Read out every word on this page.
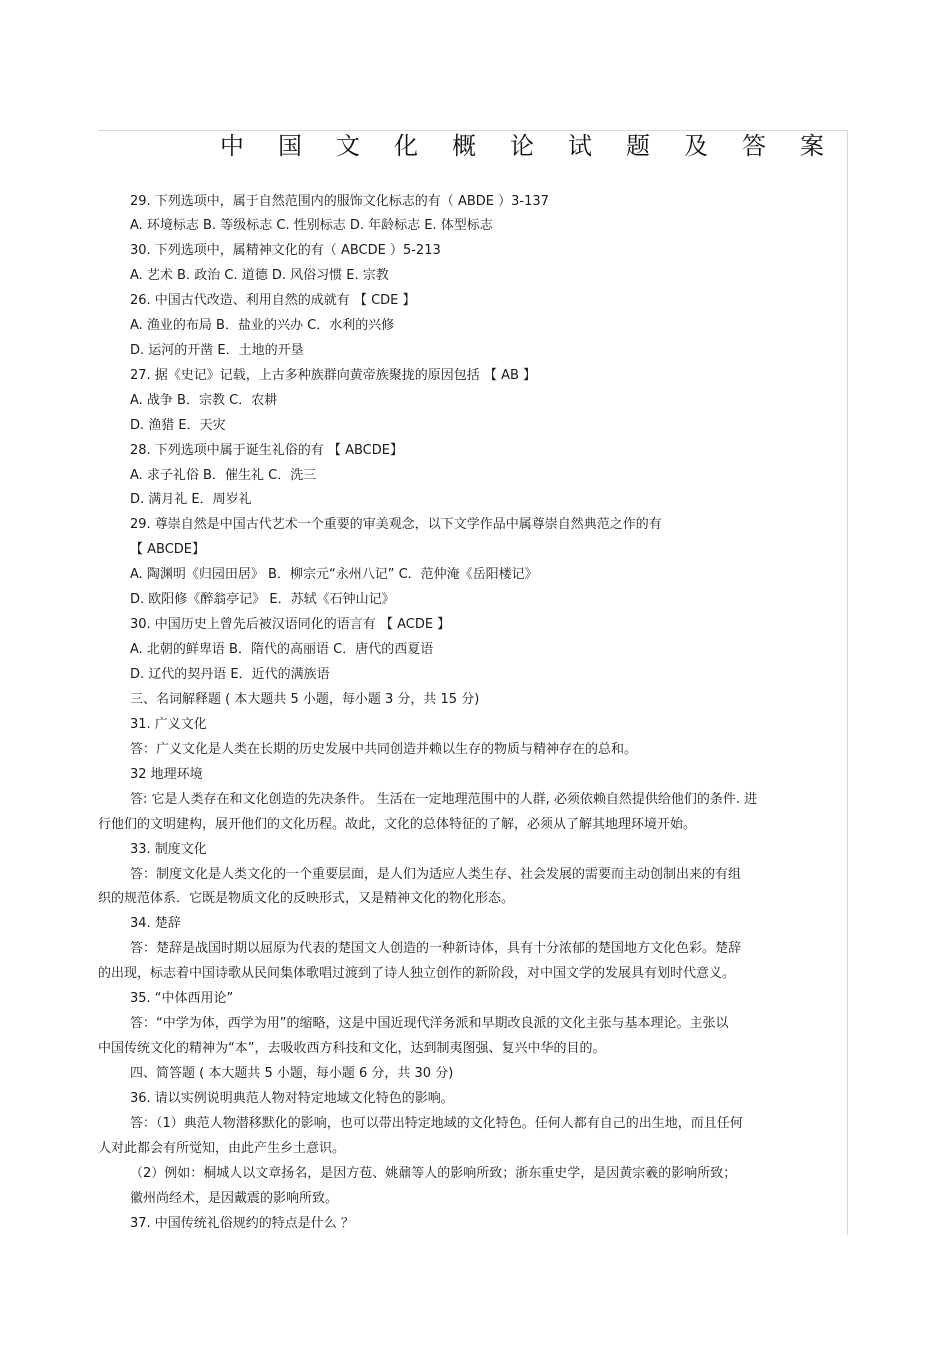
中国文化概论试题及答案
29. 下列选项中，属于自然范围内的服饰文化标志的有（ ABDE ）3-137
A. 环境标志 B. 等级标志 C. 性别标志 D. 年龄标志 E. 体型标志
30. 下列选项中，属精神文化的有（ ABCDE ）5-213
A. 艺术 B. 政治 C. 道德 D. 风俗习惯 E. 宗教
26. 中国古代改造、利用自然的成就有 【 CDE 】
A. 渔业的布局 B．盐业的兴办 C．水利的兴修
D. 运河的开凿 E．土地的开垦
27. 据《史记》记载，上古多种族群向黄帝族聚拢的原因包括 【 AB 】
A. 战争 B．宗教 C．农耕
D. 渔猎 E．天灾
28. 下列选项中属于诞生礼俗的有 【 ABCDE】
A. 求子礼俗 B．催生礼 C．洗三
D. 满月礼 E．周岁礼
29. 尊崇自然是中国古代艺术一个重要的审美观念，以下文学作品中属尊崇自然典范之作的有
【 ABCDE】
A. 陶渊明《归园田居》 B．柳宗元“永州八记” C．范仲淹《岳阳楼记》
D. 欧阳修《醉翁亭记》 E．苏轼《石钟山记》
30. 中国历史上曾先后被汉语同化的语言有 【 ACDE 】
A. 北朝的鲜卑语 B．隋代的高丽语 C．唐代的西夏语
D. 辽代的契丹语 E．近代的满族语
三、名词解释题 ( 本大题共 5 小题，每小题 3 分，共 15 分)
31. 广义文化
答：广义文化是人类在长期的历史发展中共同创造并赖以生存的物质与精神存在的总和。
32 地理环境
答: 它是人类存在和文化创造的先决条件。 生活在一定地理范围中的人群, 必须依赖自然提供给他们的条件. 进
行他们的文明建构，展开他们的文化历程。故此，文化的总体特征的了解，必须从了解其地理环境开始。
33. 制度文化
答：制度文化是人类文化的一个重要层面，是人们为适应人类生存、社会发展的需要而主动创制出来的有组
织的规范体系．它既是物质文化的反映形式，又是精神文化的物化形态。
34. 楚辞
答：楚辞是战国时期以屈原为代表的楚国文人创造的一种新诗体，具有十分浓郁的楚国地方文化色彩。楚辞
的出现，标志着中国诗歌从民间集体歌唱过渡到了诗人独立创作的新阶段，对中国文学的发展具有划时代意义。
35. “中体西用论”
答：“中学为体，西学为用”的缩略，这是中国近现代洋务派和早期改良派的文化主张与基本理论。主张以
中国传统文化的精神为“本”，去吸收西方科技和文化，达到制夷图强、复兴中华的目的。
四、简答题 ( 本大题共 5 小题，每小题 6 分，共 30 分)
36. 请以实例说明典范人物对特定地域文化特色的影响。
答：（1）典范人物潜移默化的影响，也可以带出特定地域的文化特色。任何人都有自己的出生地，而且任何
人对此都会有所觉知，由此产生乡土意识。
（2）例如：桐城人以文章扬名，是因方苞、姚鼐等人的影响所致；浙东重史学，是因黄宗羲的影响所致；
徽州尚经术，是因戴震的影响所致。
37. 中国传统礼俗规约的特点是什么 ？
